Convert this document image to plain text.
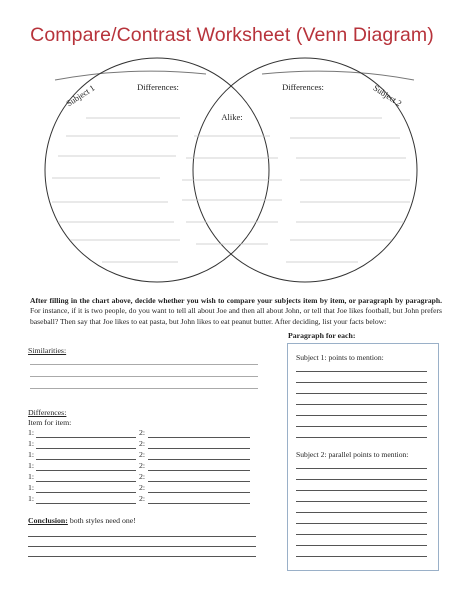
Compare/Contrast Worksheet (Venn Diagram)
Subject 1	Subject 2
Differences:
Alike:
Differences:
After filling in the chart above, decide whether you wish to compare your subjects item by item, or paragraph by paragraph. For instance, if it is two people, do you want to tell all about Joe and then all about John, or tell that Joe likes football, but John prefers baseball? Then say that Joe likes to eat pasta, but John likes to eat peanut butter. After deciding, list your facts below:
Paragraph for each:
Similarities:
Differences:
Item for item:
1:	2:
1:	2:
1:	2:
1:	2:
1:	2:
1:	2:
1:	2:
Conclusion: both styles need one!
Subject 1: points to mention:
Subject 2: parallel points to mention:
